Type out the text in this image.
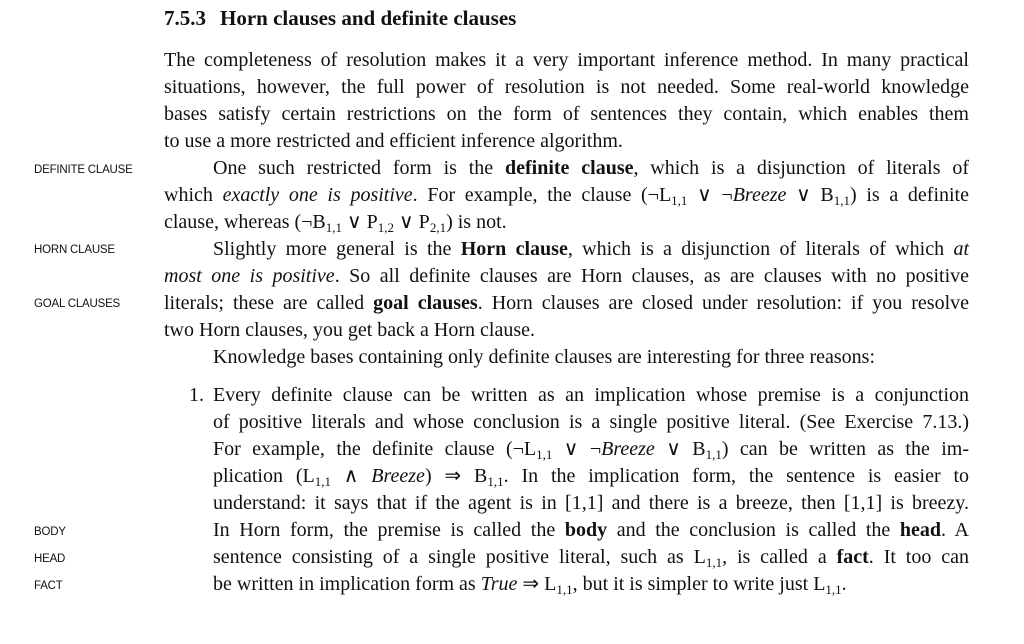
7.5.3 Horn clauses and definite clauses
DEFINITE CLAUSE
HORN CLAUSE
GOAL CLAUSES
BODY
HEAD
FACT
The completeness of resolution makes it a very important inference method. In many practical
situations, however, the full power of resolution is not needed. Some real-world knowledge
bases satisfy certain restrictions on the form of sentences they contain, which enables them
to use a more restricted and efficient inference algorithm.
One such restricted form is the definite clause, which is a disjunction of literals of
which exactly one is positive. For example, the clause ($\neg L_{1,1}$ ∨ ¬Breeze ∨ $B_{1,1}$) is a definite
clause, whereas ($\neg B_{1,1}$ ∨ $P_{1,2}$ ∨ $P_{2,1}$) is not.
Slightly more general is the Horn clause, which is a disjunction of literals of which at
most one is positive. So all definite clauses are Horn clauses, as are clauses with no positive
literals; these are called goal clauses. Horn clauses are closed under resolution: if you resolve
two Horn clauses, you get back a Horn clause.
Knowledge bases containing only definite clauses are interesting for three reasons:
1. Every definite clause can be written as an implication whose premise is a conjunction
of positive literals and whose conclusion is a single positive literal. (See Exercise 7.13.)
For example, the definite clause ($\neg L_{1,1}$ ∨ ¬Breeze ∨ $B_{1,1}$) can be written as the im-
plication ($L_{1,1}$ ∧ Breeze) ⇒ $B_{1,1}$. In the implication form, the sentence is easier to
understand: it says that if the agent is in [1,1] and there is a breeze, then [1,1] is breezy.
In Horn form, the premise is called the body and the conclusion is called the head. A
sentence consisting of a single positive literal, such as $L_{1,1}$, is called a fact. It too can
be written in implication form as True ⇒ $L_{1,1}$, but it is simpler to write just $L_{1,1}$.
